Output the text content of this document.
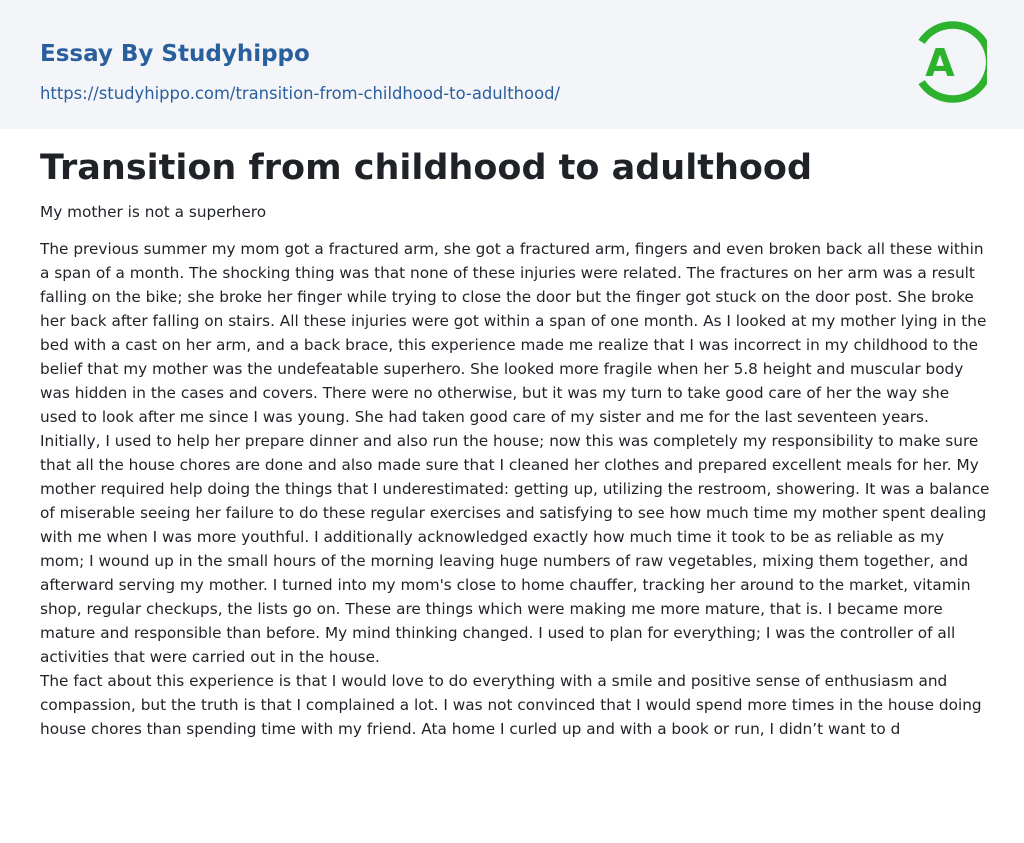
Essay By Studyhippo
https://studyhippo.com/transition-from-childhood-to-adulthood/
A
Transition from childhood to adulthood
My mother is not a superhero

The previous summer my mom got a fractured arm, she got a fractured arm, fingers and even broken back all these within a span of a month. The shocking thing was that none of these injuries were related. The fractures on her arm was a result falling on the bike; she broke her finger while trying to close the door but the finger got stuck on the door post. She broke her back after falling on stairs. All these injuries were got within a span of one month. As I looked at my mother lying in the bed with a cast on her arm, and a back brace, this experience made me realize that I was incorrect in my childhood to the belief that my mother was the undefeatable superhero. She looked more fragile when her 5.8 height and muscular body was hidden in the cases and covers. There were no otherwise, but it was my turn to take good care of her the way she used to look after me since I was young. She had taken good care of my sister and me for the last seventeen years.

Initially, I used to help her prepare dinner and also run the house; now this was completely my responsibility to make sure that all the house chores are done and also made sure that I cleaned her clothes and prepared excellent meals for her. My mother required help doing the things that I underestimated: getting up, utilizing the restroom, showering. It was a balance of miserable seeing her failure to do these regular exercises and satisfying to see how much time my mother spent dealing with me when I was more youthful. I additionally acknowledged exactly how much time it took to be as reliable as my mom; I wound up in the small hours of the morning leaving huge numbers of raw vegetables, mixing them together, and afterward serving my mother. I turned into my mom's close to home chauffer, tracking her around to the market, vitamin shop, regular checkups, the lists go on. These are things which were making me more mature, that is. I became more mature and responsible than before. My mind thinking changed. I used to plan for everything; I was the controller of all activities that were carried out in the house.

The fact about this experience is that I would love to do everything with a smile and positive sense of enthusiasm and compassion, but the truth is that I complained a lot. I was not convinced that I would spend more times in the house doing house chores than spending time with my friend. Ata home I curled up and with a book or run, I didn’t want to d
